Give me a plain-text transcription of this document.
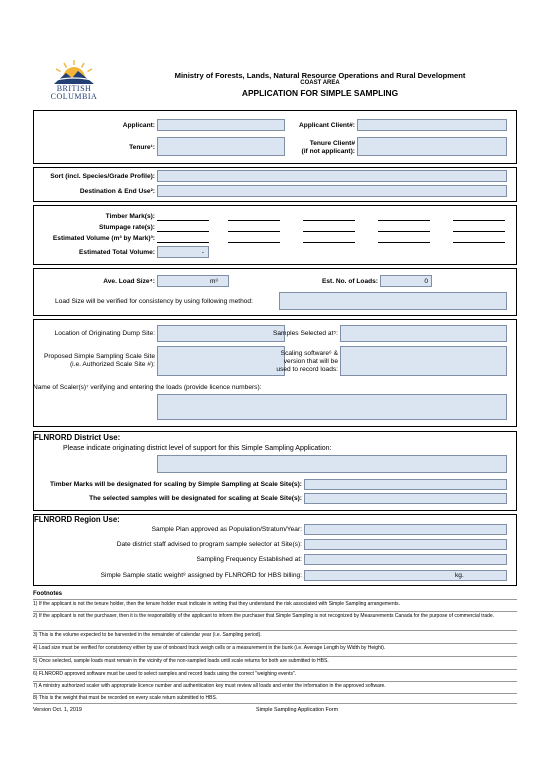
BRITISH
COLUMBIA
Ministry of Forests, Lands, Natural Resource Operations and Rural Development
COAST AREA
APPLICATION FOR SIMPLE SAMPLING
Applicant:	Applicant Client#:
Tenure¹:
Tenure Client#
(if not applicant):
Sort (incl. Species/Grade Profile):
Destination & End Use²:
Timber Mark(s):
Stumpage rate(s):
Estimated Volume (m³ by Mark)³:
Estimated Total Volume:	-
Ave. Load Size⁴:	m³	Est. No. of Loads:	0
Load Size will be verified for consistency by using following method:
Location of Originating Dump Site:	Samples Selected at⁵:
Proposed Simple Sampling Scale Site
(i.e. Authorized Scale Site #):
Scaling software⁶ &
version that will be
used to record loads:
Name of Scaler(s)⁷ verifying and entering the loads (provide licence numbers):
FLNRORD District Use:
Please indicate originating district level of support for this Simple Sampling Application:
Timber Marks will be designated for scaling by Simple Sampling at Scale Site(s):
The selected samples will be designated for scaling at Scale Site(s):
FLNRORD Region Use:
Sample Plan approved as Population/Stratum/Year:
Date district staff advised to program sample selector at Site(s):
Sampling Frequency Established at:
Simple Sample static weight⁸ assigned by FLNRORD for HBS billing:	kg.
Footnotes
1) If the applicant is not the tenure holder, then the tenure holder must indicate in writing that they understand the risk associated with Simple Sampling arrangements.
2) If the applicant is not the purchaser, then it is the responsibility of the applicant to inform the purchaser that Simple Sampling is not recognized by Measurements Canada for the purpose of commercial trade.
3) This is the volume expected to be harvested in the remainder of calendar year (i.e. Sampling period).
4) Load size must be verified for consistency either by use of onboard truck weigh cells or a measurement in the bunk (i.e. Average Length by Width by Height).
5) Once selected, sample loads must remain in the vicinity of the non-sampled loads until scale returns for both are submitted to HBS.
6) FLNRORD approved software must be used to select samples and record loads using the correct "weighing events".
7) A ministry authorized scaler with appropriate licence number and authentication key must review all loads and enter the information in the approved software.
8) This is the weight that must be recorded on every scale return submitted to HBS.
Version Oct. 1, 2019	Simple Sampling Application Form
